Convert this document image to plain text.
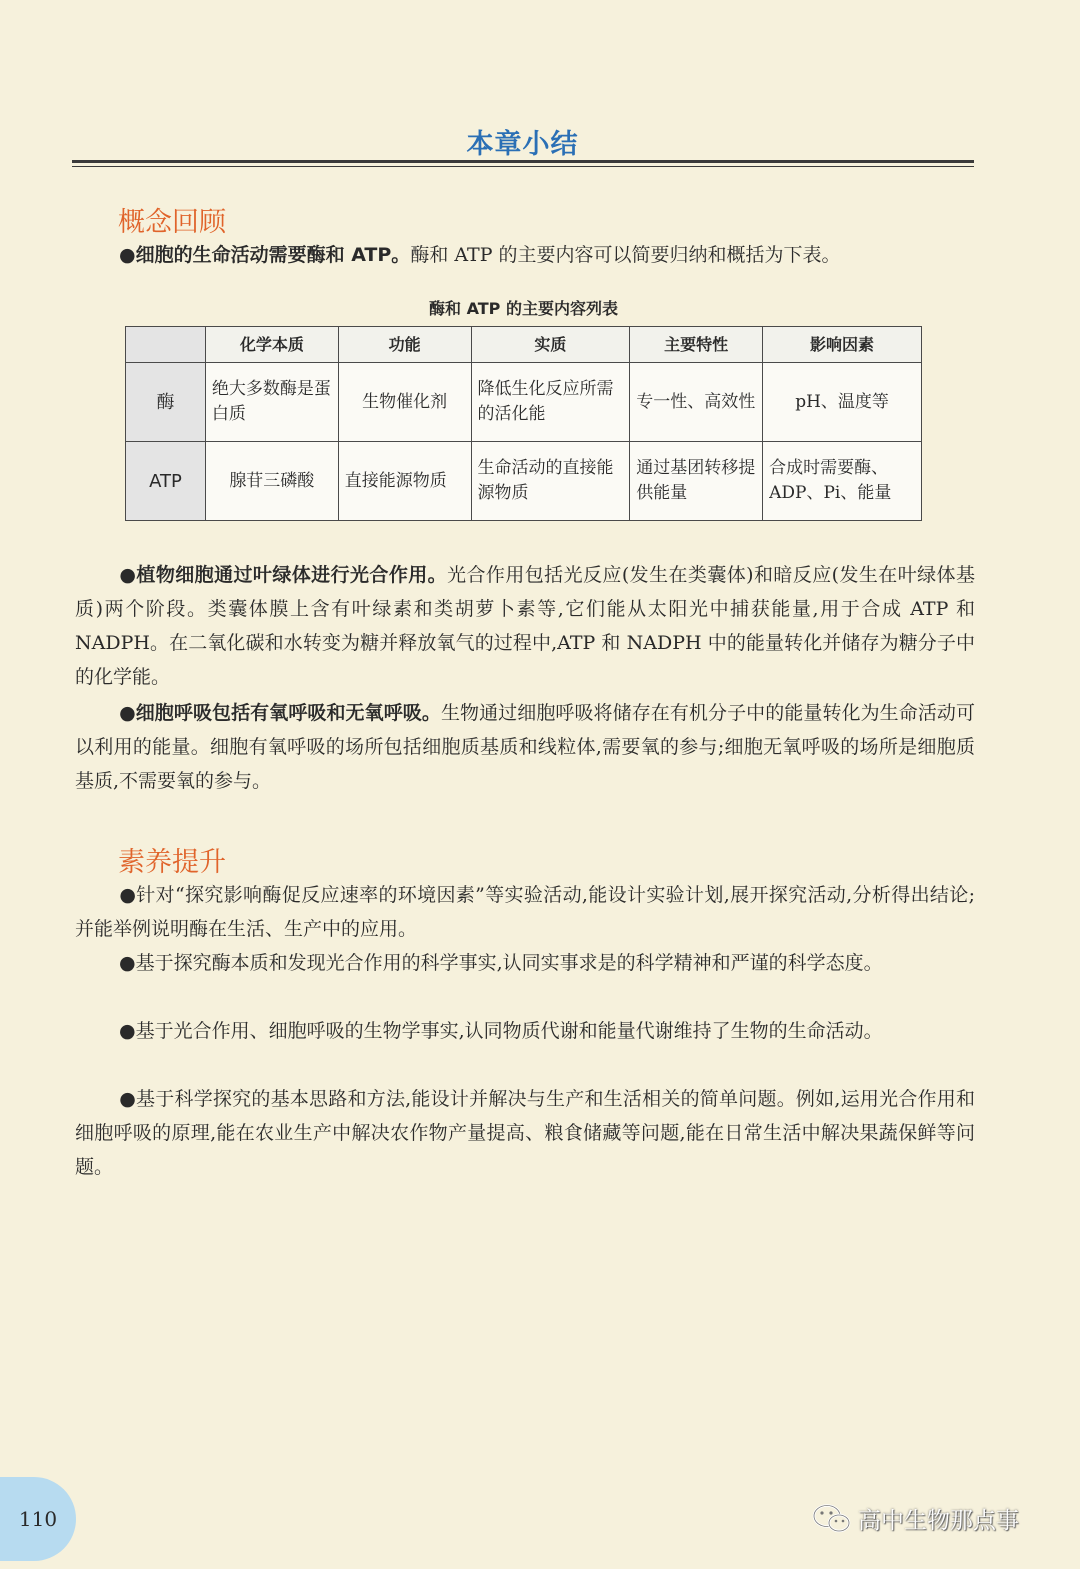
本章小结
概念回顾
●细胞的生命活动需要酶和 ATP。酶和 ATP 的主要内容可以简要归纳和概括为下表。
酶和 ATP 的主要内容列表
	化学本质	功能	实质	主要特性	影响因素
酶	绝大多数酶是蛋白质	生物催化剂	降低生化反应所需的活化能	专一性、高效性	pH、温度等
ATP	腺苷三磷酸	直接能源物质	生命活动的直接能源物质	通过基团转移提供能量	合成时需要酶、ADP、Pi、能量
●植物细胞通过叶绿体进行光合作用。光合作用包括光反应(发生在类囊体)和暗反应(发生在叶绿体基质)两个阶段。类囊体膜上含有叶绿素和类胡萝卜素等,它们能从太阳光中捕获能量,用于合成 ATP 和 NADPH。在二氧化碳和水转变为糖并释放氧气的过程中,ATP 和 NADPH 中的能量转化并储存为糖分子中的化学能。
●细胞呼吸包括有氧呼吸和无氧呼吸。生物通过细胞呼吸将储存在有机分子中的能量转化为生命活动可以利用的能量。细胞有氧呼吸的场所包括细胞质基质和线粒体,需要氧的参与;细胞无氧呼吸的场所是细胞质基质,不需要氧的参与。
素养提升
●针对“探究影响酶促反应速率的环境因素”等实验活动,能设计实验计划,展开探究活动,分析得出结论;并能举例说明酶在生活、生产中的应用。
●基于探究酶本质和发现光合作用的科学事实,认同实事求是的科学精神和严谨的科学态度。
●基于光合作用、细胞呼吸的生物学事实,认同物质代谢和能量代谢维持了生物的生命活动。
●基于科学探究的基本思路和方法,能设计并解决与生产和生活相关的简单问题。例如,运用光合作用和细胞呼吸的原理,能在农业生产中解决农作物产量提高、粮食储藏等问题,能在日常生活中解决果蔬保鲜等问题。
110	高中生物那点事
